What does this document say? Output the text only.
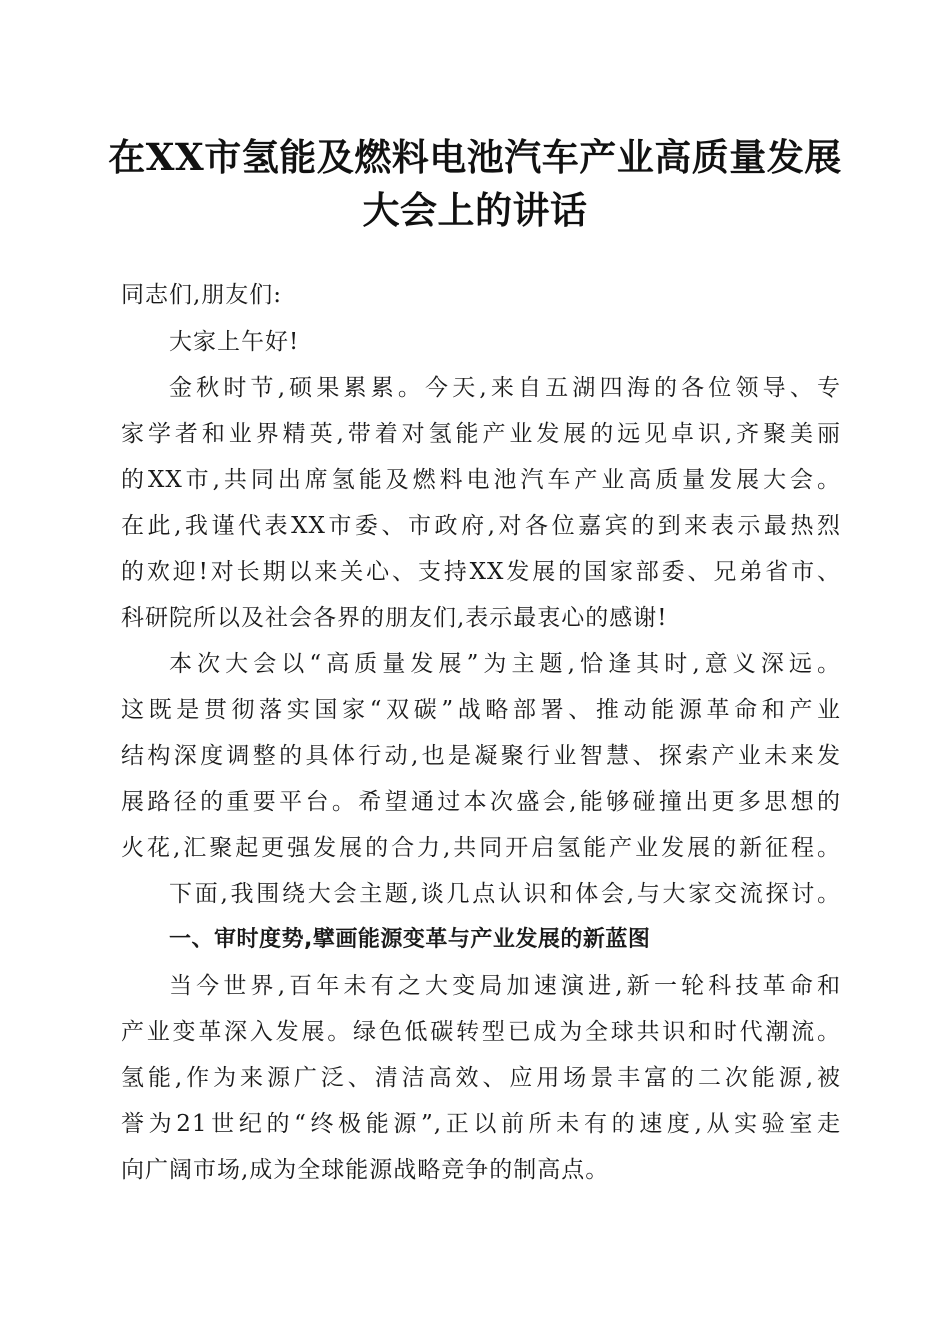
在XX市氢能及燃料电池汽车产业高质量发展
大会上的讲话
同志们,朋友们:
大家上午好!
金秋时节,硕果累累。今天,来自五湖四海的各位领导、专
家学者和业界精英,带着对氢能产业发展的远见卓识,齐聚美丽
的XX市,共同出席氢能及燃料电池汽车产业高质量发展大会。
在此,我谨代表XX市委、市政府,对各位嘉宾的到来表示最热烈
的欢迎!对长期以来关心、支持XX发展的国家部委、兄弟省市、
科研院所以及社会各界的朋友们,表示最衷心的感谢!
本次大会以“高质量发展”为主题,恰逢其时,意义深远。
这既是贯彻落实国家“双碳”战略部署、推动能源革命和产业
结构深度调整的具体行动,也是凝聚行业智慧、探索产业未来发
展路径的重要平台。希望通过本次盛会,能够碰撞出更多思想的
火花,汇聚起更强发展的合力,共同开启氢能产业发展的新征程。
下面,我围绕大会主题,谈几点认识和体会,与大家交流探讨。
一、审时度势,擘画能源变革与产业发展的新蓝图
当今世界,百年未有之大变局加速演进,新一轮科技革命和
产业变革深入发展。绿色低碳转型已成为全球共识和时代潮流。
氢能,作为来源广泛、清洁高效、应用场景丰富的二次能源,被
誉为21世纪的“终极能源”,正以前所未有的速度,从实验室走
向广阔市场,成为全球能源战略竞争的制高点。
